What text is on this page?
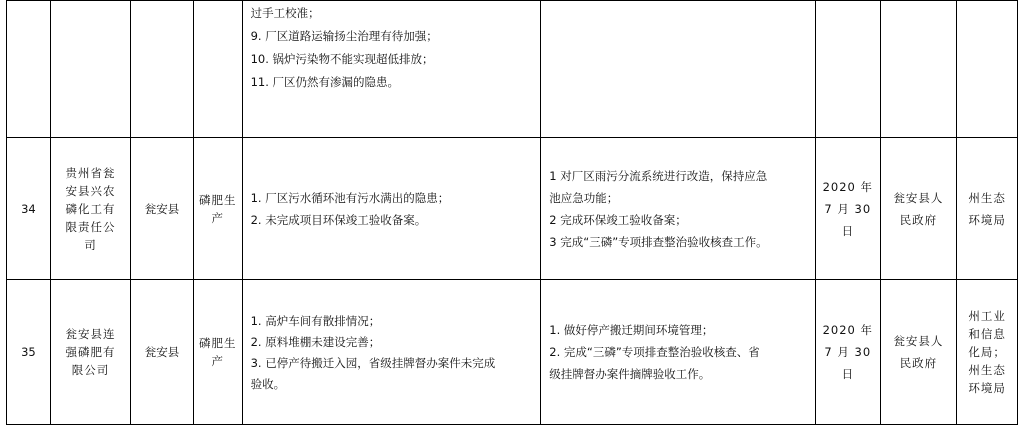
				过手工校准；
9. 厂区道路运输扬尘治理有待加强；
10. 锅炉污染物不能实现超低排放；
11. 厂区仍然有渗漏的隐患。				

34	贵州省瓮
安县兴农
磷化工有
限责任公
司	瓮安县	磷肥生
产	1. 厂区污水循环池有污水满出的隐患；
2. 未完成项目环保竣工验收备案。	1 对厂区雨污分流系统进行改造，保持应急
池应急功能；
2 完成环保竣工验收备案；
3 完成“三磷”专项排查整治验收核查工作。	2020 年
7 月 30
日	瓮安县人
民政府	州生态
环境局

35	瓮安县连
强磷肥有
限公司	瓮安县	磷肥生
产	1. 高炉车间有散排情况；
2. 原料堆棚未建设完善；
3. 已停产待搬迁入园，省级挂牌督办案件未完成
验收。	1. 做好停产搬迁期间环境管理；
2. 完成“三磷”专项排查整治验收核查、省
级挂牌督办案件摘牌验收工作。	2020 年
7 月 30
日	瓮安县人
民政府	州工业
和信息
化局；
州生态
环境局
